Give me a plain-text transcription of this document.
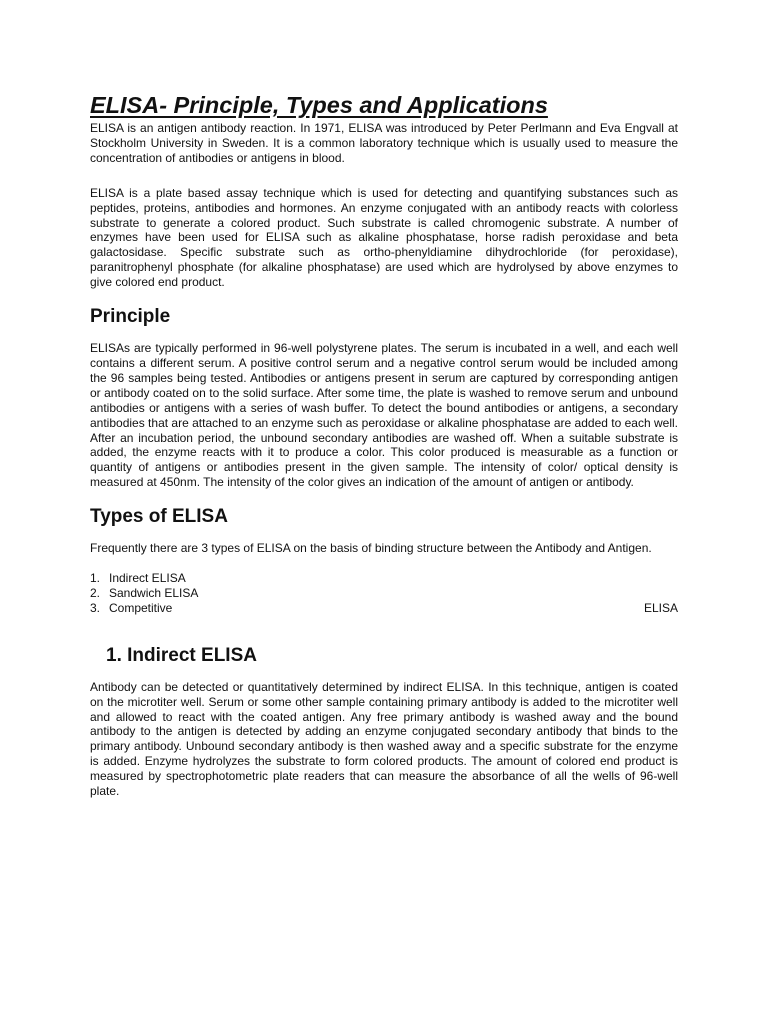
ELISA- Principle, Types and Applications

ELISA is an antigen antibody reaction. In 1971, ELISA was introduced by Peter Perlmann and Eva Engvall at Stockholm University in Sweden. It is a common laboratory technique which is usually used to measure the concentration of antibodies or antigens in blood.

ELISA is a plate based assay technique which is used for detecting and quantifying substances such as peptides, proteins, antibodies and hormones. An enzyme conjugated with an antibody reacts with colorless substrate to generate a colored product. Such substrate is called chromogenic substrate. A number of enzymes have been used for ELISA such as alkaline phosphatase, horse radish peroxidase and beta galactosidase. Specific substrate such as ortho-phenyldiamine dihydrochloride (for peroxidase), paranitrophenyl phosphate (for alkaline phosphatase) are used which are hydrolysed by above enzymes to give colored end product.

Principle

ELISAs are typically performed in 96-well polystyrene plates. The serum is incubated in a well, and each well contains a different serum. A positive control serum and a negative control serum would be included among the 96 samples being tested. Antibodies or antigens present in serum are captured by corresponding antigen or antibody coated on to the solid surface. After some time, the plate is washed to remove serum and unbound antibodies or antigens with a series of wash buffer. To detect the bound antibodies or antigens, a secondary antibodies that are attached to an enzyme such as peroxidase or alkaline phosphatase are added to each well. After an incubation period, the unbound secondary antibodies are washed off. When a suitable substrate is added, the enzyme reacts with it to produce a color. This color produced is measurable as a function or quantity of antigens or antibodies present in the given sample. The intensity of color/ optical density is measured at 450nm. The intensity of the color gives an indication of the amount of antigen or antibody.

Types of ELISA

Frequently there are 3 types of ELISA on the basis of binding structure between the Antibody and Antigen.

1. Indirect ELISA
2. Sandwich ELISA
3. Competitive	ELISA
1. Indirect ELISA

Antibody can be detected or quantitatively determined by indirect ELISA. In this technique, antigen is coated on the microtiter well. Serum or some other sample containing primary antibody is added to the microtiter well and allowed to react with the coated antigen. Any free primary antibody is washed away and the bound antibody to the antigen is detected by adding an enzyme conjugated secondary antibody that binds to the primary antibody. Unbound secondary antibody is then washed away and a specific substrate for the enzyme is added. Enzyme hydrolyzes the substrate to form colored products. The amount of colored end product is measured by spectrophotometric plate readers that can measure the absorbance of all the wells of 96-well plate.
